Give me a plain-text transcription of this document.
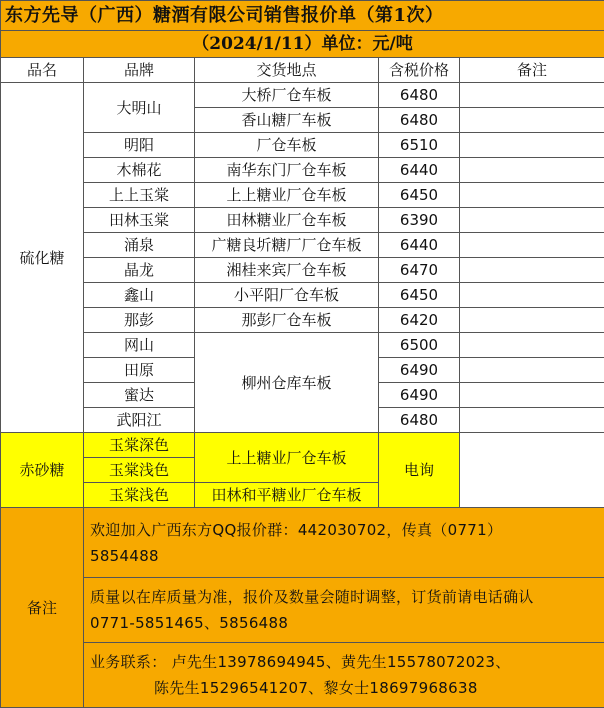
东方先导（广西）糖酒有限公司销售报价单（第1次）				
（2024/1/11）单位：元/吨				
品名	品牌	交货地点	含税价格	备注
硫化糖	大明山	大桥厂仓车板	6480	
		香山糖厂车板	6480	
	明阳	厂仓车板	6510	
	木棉花	南华东门厂仓车板	6440	
	上上玉棠	上上糖业厂仓车板	6450	
	田林玉棠	田林糖业厂仓车板	6390	
	涌泉	广糖良圻糖厂厂仓车板	6440	
	晶龙	湘桂来宾厂仓车板	6470	
	鑫山	小平阳厂仓车板	6450	
	那彭	那彭厂仓车板	6420	
	网山	柳州仓库车板	6500	
	田原		6490	
	蜜达		6490	
	武阳江		6480	
赤砂糖	玉棠深色	上上糖业厂仓车板	电询	
	玉棠浅色			
	玉棠浅色	田林和平糖业厂仓车板		
备注	欢迎加入广西东方QQ报价群：442030702，传真（0771）
5854488			

	质量以在库质量为准，报价及数量会随时调整，订货前请电话确认
0771-5851465、5856488			

	业务联系： 卢先生13978694945、黄先生15578072023、
陈先生15296541207、黎女士18697968638			
